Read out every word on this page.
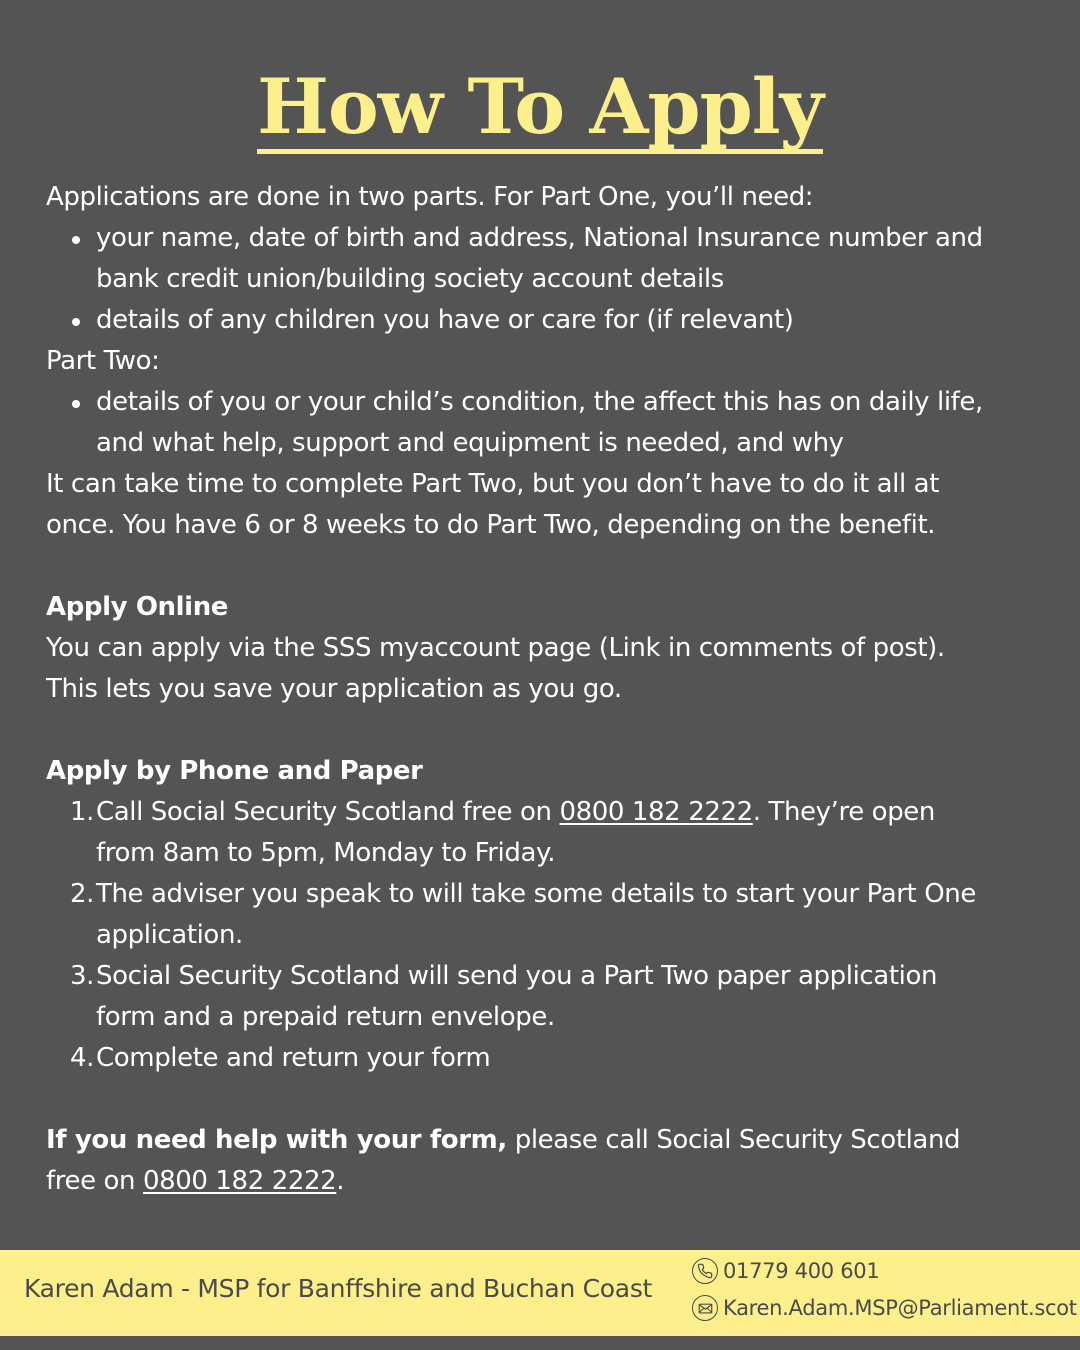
How To Apply
Applications are done in two parts. For Part One, you’ll need:
your name, date of birth and address, National Insurance number and
bank credit union/building society account details
details of any children you have or care for (if relevant)
Part Two:
details of you or your child’s condition, the affect this has on daily life,
and what help, support and equipment is needed, and why
It can take time to complete Part Two, but you don’t have to do it all at
once. You have 6 or 8 weeks to do Part Two, depending on the benefit.
Apply Online
You can apply via the SSS myaccount page (Link in comments of post).
This lets you save your application as you go.
Apply by Phone and Paper
1. Call Social Security Scotland free on 0800 182 2222. They’re open
from 8am to 5pm, Monday to Friday.
2. The adviser you speak to will take some details to start your Part One
application.
3. Social Security Scotland will send you a Part Two paper application
form and a prepaid return envelope.
4. Complete and return your form
If you need help with your form, please call Social Security Scotland
free on 0800 182 2222.
Karen Adam - MSP for Banffshire and Buchan Coast
01779 400 601
Karen.Adam.MSP@Parliament.scot
